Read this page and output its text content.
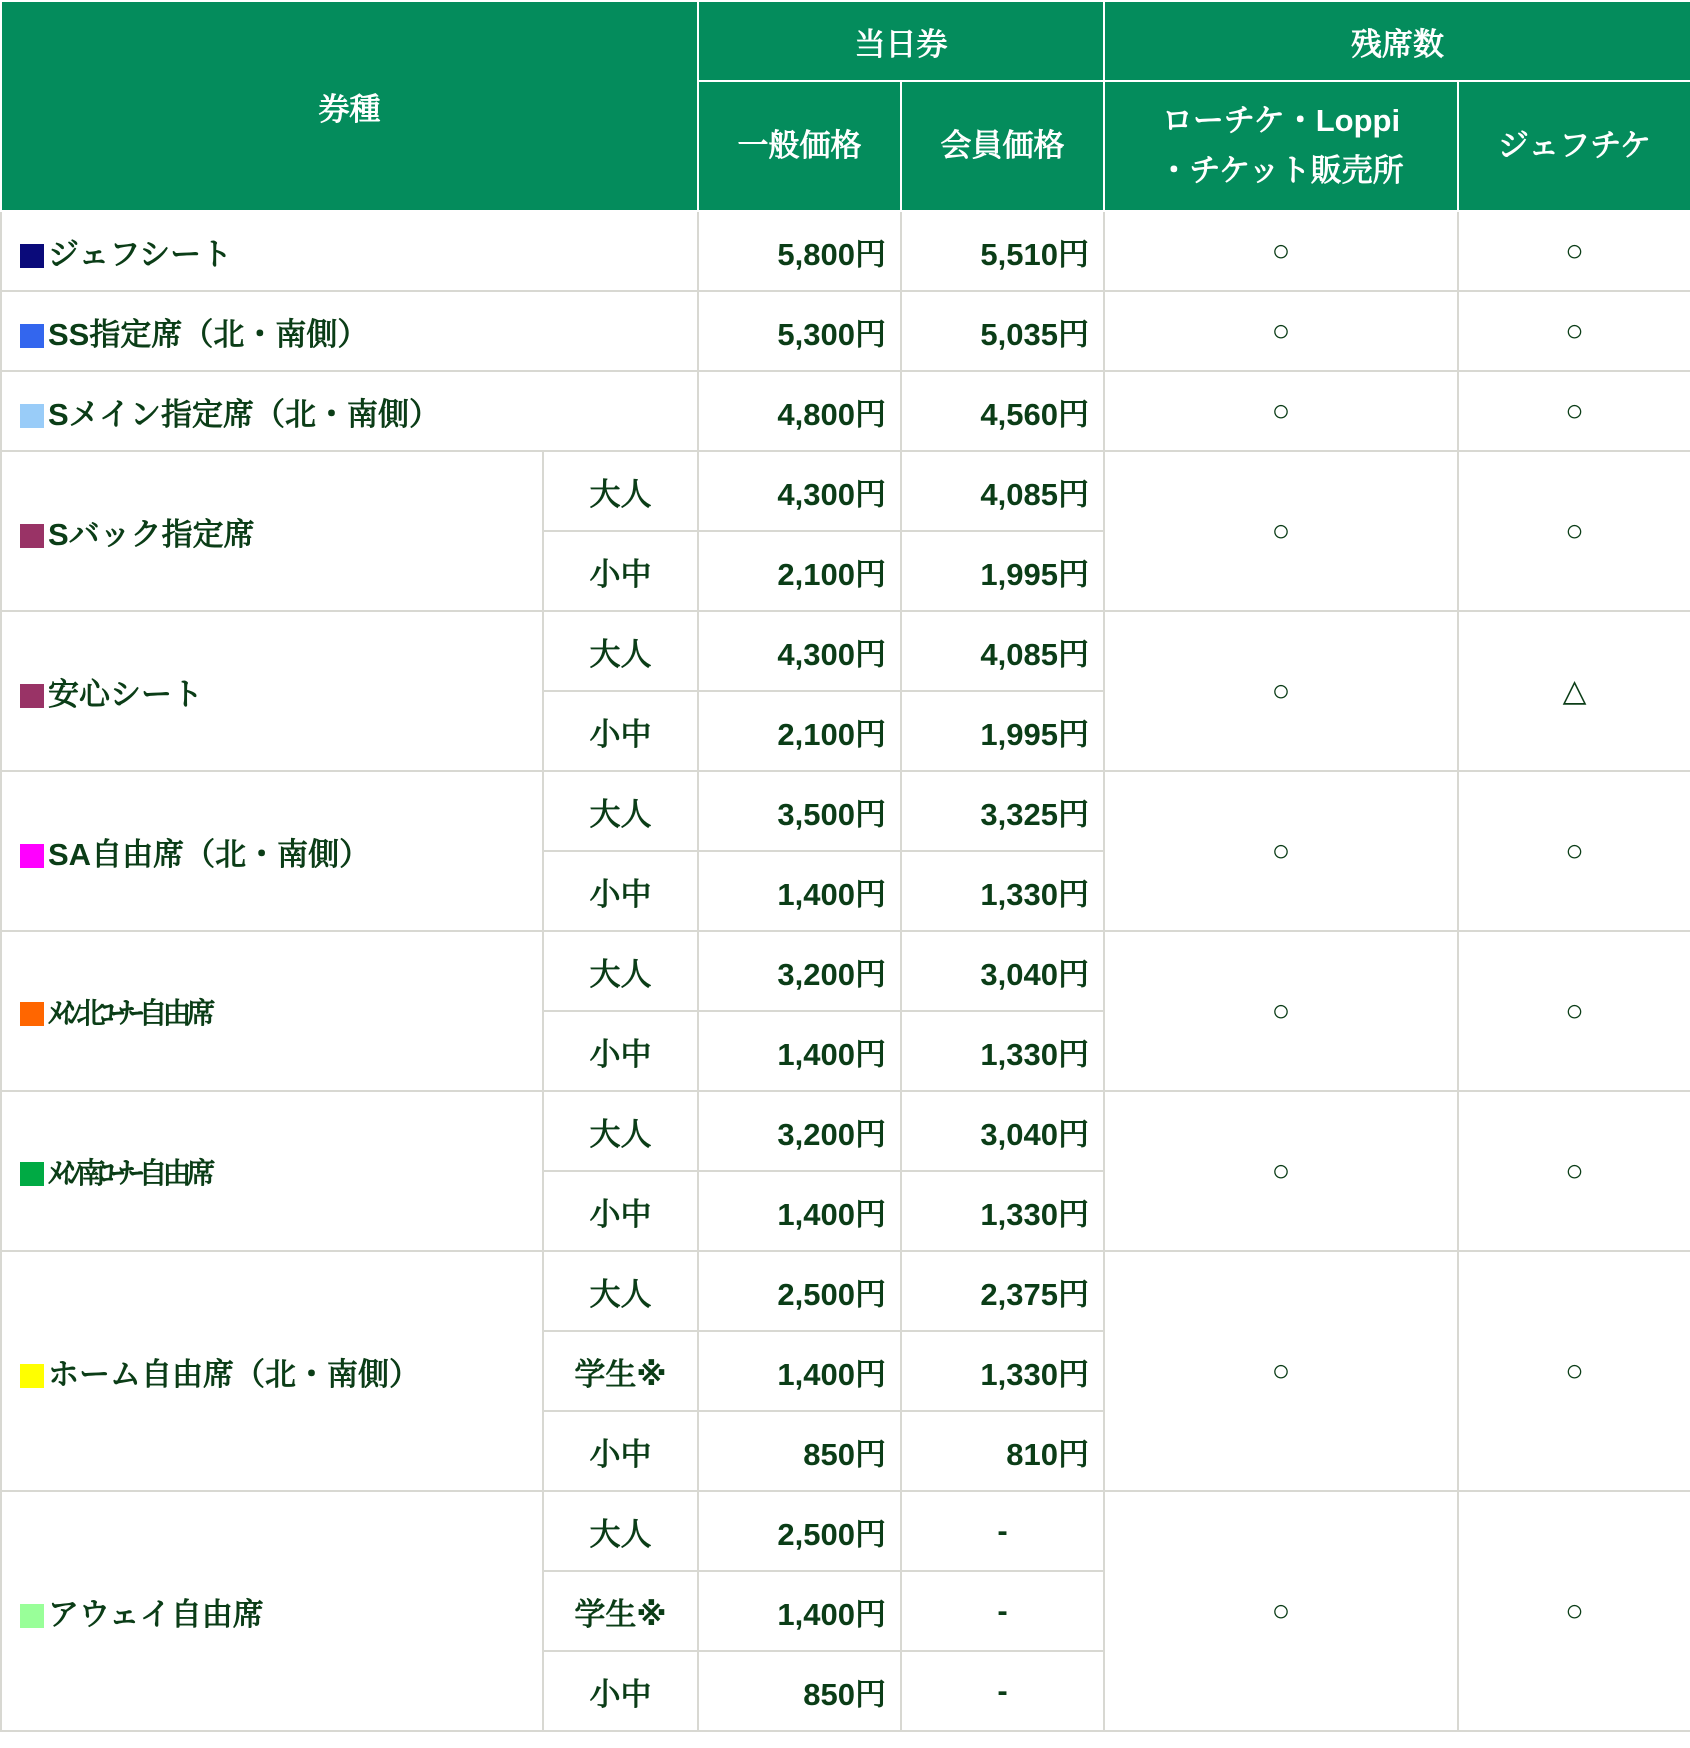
券種		当日券		残席数	
		一般価格	会員価格	ローチケ・Loppi
・チケット販売所	ジェフチケ
ジェフシート		5,800円	5,510円	○	○
SS指定席（北・南側）		5,300円	5,035円	○	○
Sメイン指定席（北・南側）		4,800円	4,560円	○	○
Sバック指定席	大人	4,300円	4,085円	○	○
	小中	2,100円	1,995円		
安心シート	大人	4,300円	4,085円	○	△
	小中	2,100円	1,995円		
SA自由席（北・南側）	大人	3,500円	3,325円	○	○
	小中	1,400円	1,330円		
ﾒｲﾝ北ｺｰﾅｰ自由席	大人	3,200円	3,040円	○	○
	小中	1,400円	1,330円		
ﾒｲﾝ南ｺｰﾅｰ自由席	大人	3,200円	3,040円	○	○
	小中	1,400円	1,330円		
ホーム自由席（北・南側）	大人	2,500円	2,375円	○	○
	学生※	1,400円	1,330円		
	小中	850円	810円		
アウェイ自由席	大人	2,500円	-	○	○
	学生※	1,400円	-		
	小中	850円	-		
